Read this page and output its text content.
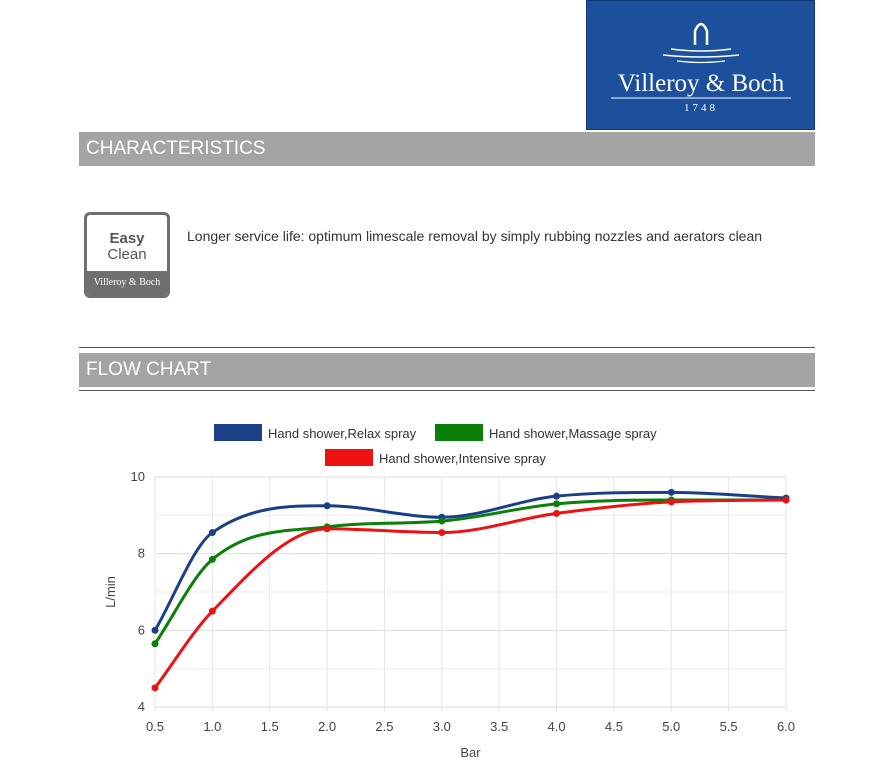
Villeroy & Boch
1748
CHARACTERISTICS
Easy
Clean
Villeroy & Boch
Longer service life: optimum limescale removal by simply rubbing nozzles and aerators clean
FLOW CHART
Hand shower,Relax spray	Hand shower,Massage spray
Hand shower,Intensive spray
0.5	1.0	1.5	2.0	2.5	3.0	3.5	4.0	4.5	5.0	5.5	6.0
4
6
8
10
Bar
L/min
